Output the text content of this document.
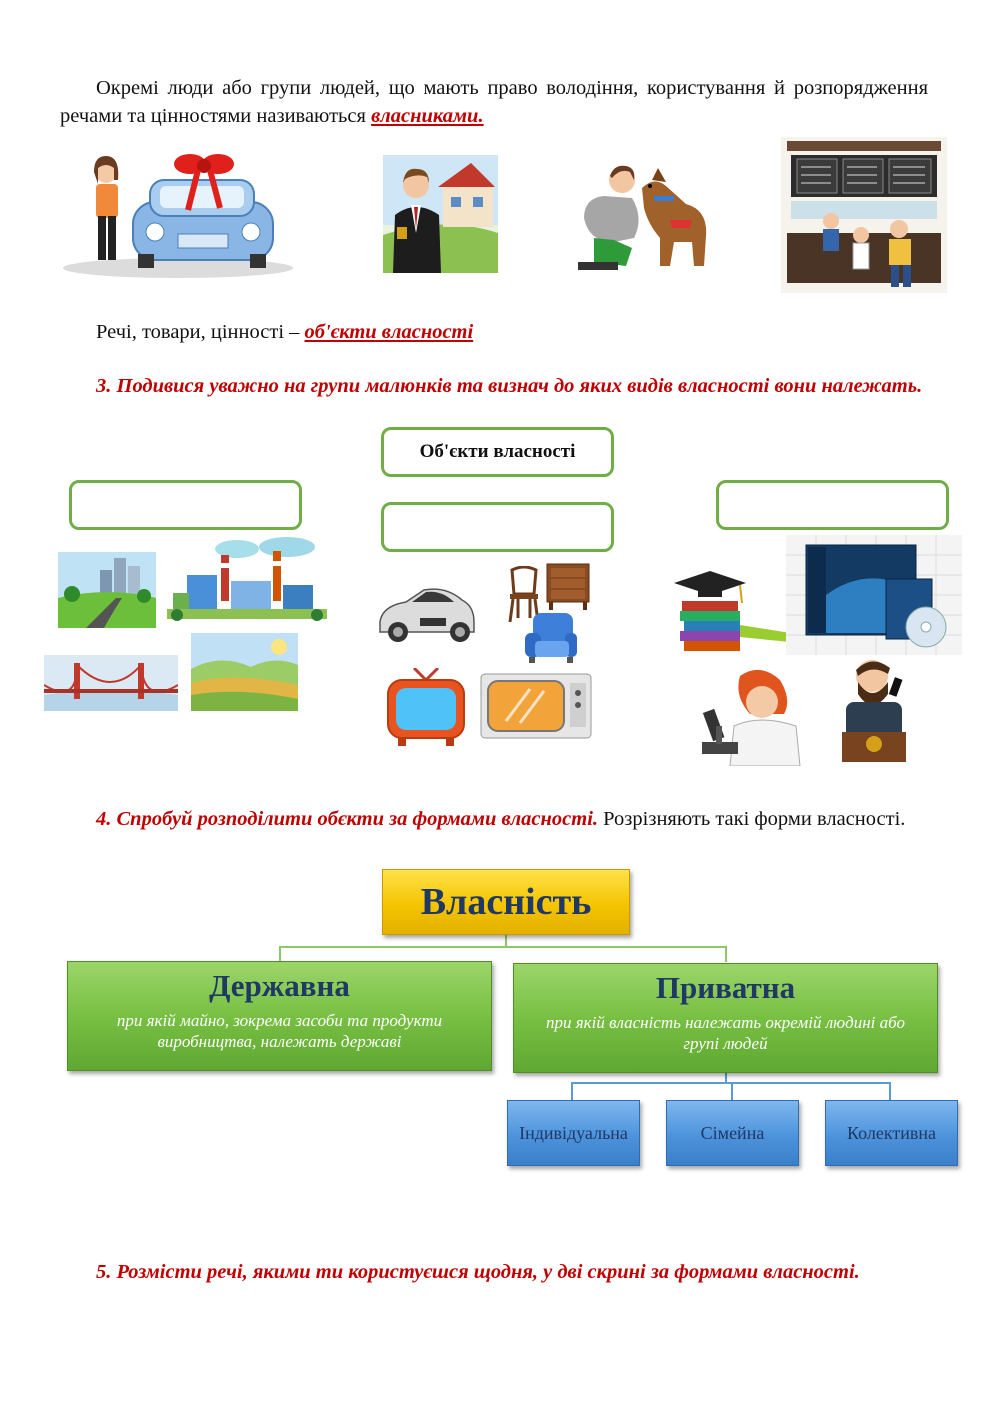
Окремі люди або групи людей, що мають право володіння, користування й розпорядження речами та цінностями називаються власниками.
Речі, товари, цінності – об'єкти власності
3. Подивися уважно на групи малюнків та визнач до яких видів власності вони належать.
Об'єкти власності
4. Спробуй розподілити обєкти за формами власності. Розрізняють такі форми власності.
Власність
Державна
при якій майно, зокрема засоби та продукти виробництва, належать державі
Приватна
при якій власність належать окремій людині або групі людей
Індивідуальна	Сімейна	Колективна
5. Розмісти речі, якими ти користуєшся щодня, у дві скрині за формами власності.
